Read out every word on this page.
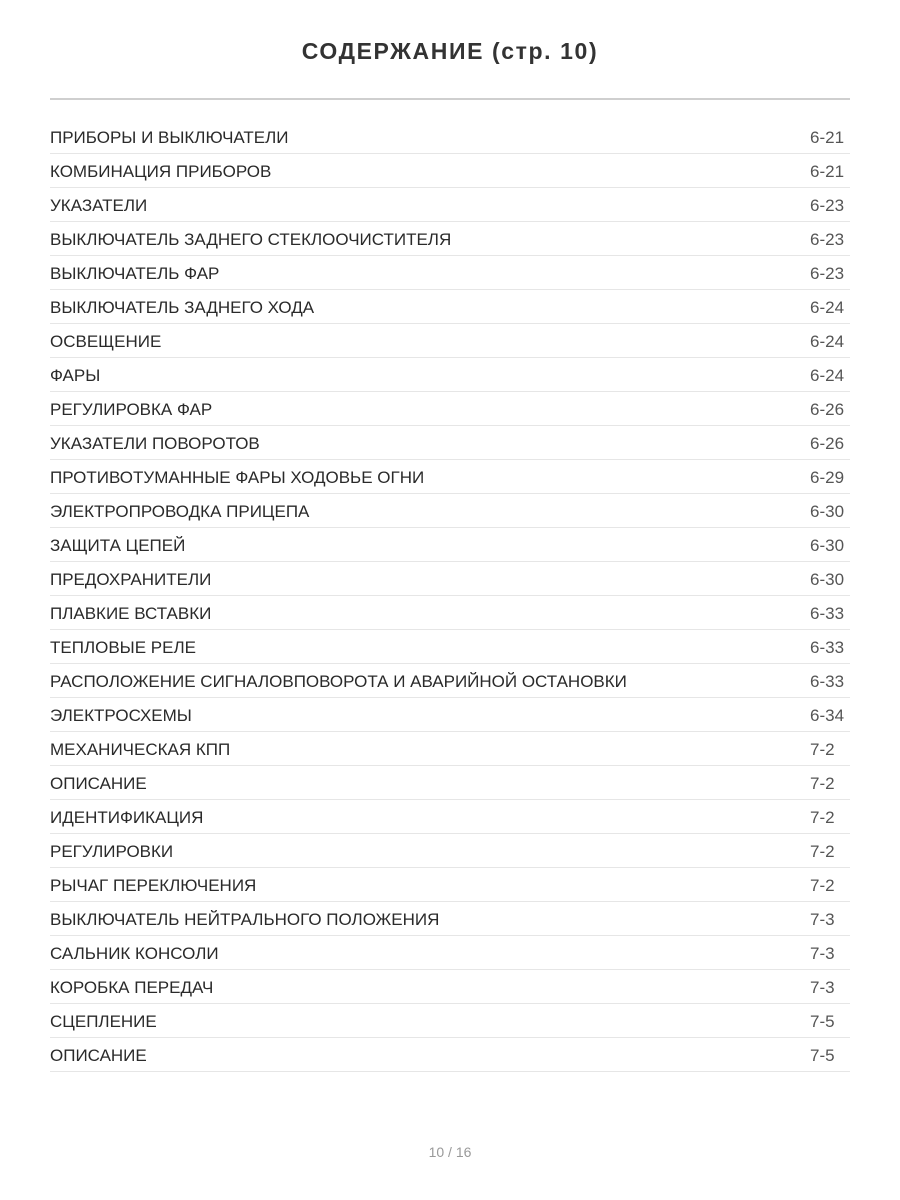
СОДЕРЖАНИЕ (стр. 10)
ПРИБОРЫ И ВЫКЛЮЧАТЕЛИ	6-21
КОМБИНАЦИЯ ПРИБОРОВ	6-21
УКАЗАТЕЛИ	6-23
ВЫКЛЮЧАТЕЛЬ ЗАДНЕГО СТЕКЛООЧИСТИТЕЛЯ	6-23
ВЫКЛЮЧАТЕЛЬ ФАР	6-23
ВЫКЛЮЧАТЕЛЬ ЗАДНЕГО ХОДА	6-24
ОСВЕЩЕНИЕ	6-24
ФАРЫ	6-24
РЕГУЛИРОВКА ФАР	6-26
УКАЗАТЕЛИ ПОВОРОТОВ	6-26
ПРОТИВОТУМАННЫЕ ФАРЫ ХОДОВЬЕ ОГНИ	6-29
ЭЛЕКТРОПРОВОДКА ПРИЦЕПА	6-30
ЗАЩИТА ЦЕПЕЙ	6-30
ПРЕДОХРАНИТЕЛИ	6-30
ПЛАВКИЕ ВСТАВКИ	6-33
ТЕПЛОВЫЕ РЕЛЕ	6-33
РАСПОЛОЖЕНИЕ СИГНАЛОВПОВОРОТА И АВАРИЙНОЙ ОСТАНОВКИ	6-33
ЭЛЕКТРОСХЕМЫ	6-34
МЕХАНИЧЕСКАЯ КПП	7-2
ОПИСАНИЕ	7-2
ИДЕНТИФИКАЦИЯ	7-2
РЕГУЛИРОВКИ	7-2
РЫЧАГ ПЕРЕКЛЮЧЕНИЯ	7-2
ВЫКЛЮЧАТЕЛЬ НЕЙТРАЛЬНОГО ПОЛОЖЕНИЯ	7-3
САЛЬНИК КОНСОЛИ	7-3
КОРОБКА ПЕРЕДАЧ	7-3
СЦЕПЛЕНИЕ	7-5
ОПИСАНИЕ	7-5
10 / 16
